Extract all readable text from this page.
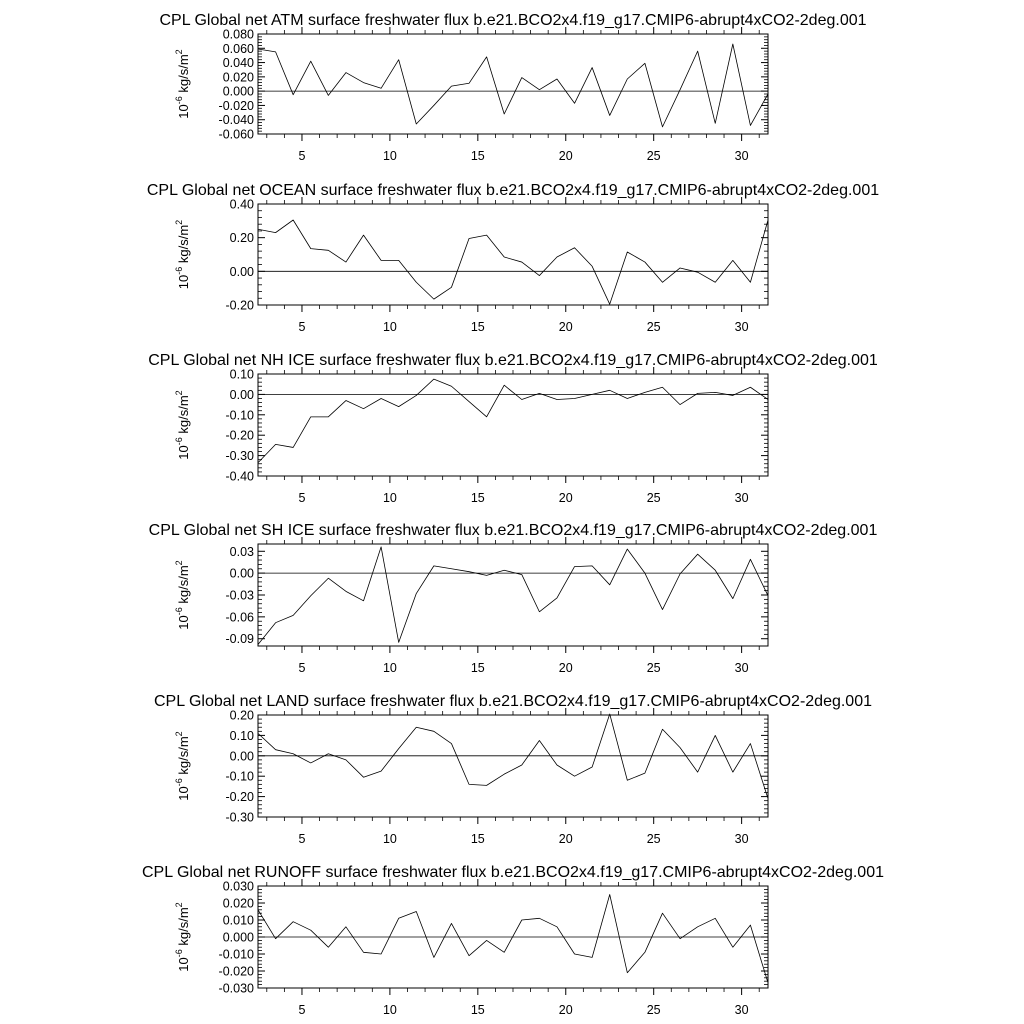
CPL Global net ATM surface freshwater flux b.e21.BCO2x4.f19_g17.CMIP6-abrupt4xCO2-2deg.001
-0.060
-0.040
-0.020
0.000
0.020
0.040
0.060
0.080
5	10	15	20	25	30
$10^{-6}$ $kg/s/m^2$
CPL Global net OCEAN surface freshwater flux b.e21.BCO2x4.f19_g17.CMIP6-abrupt4xCO2-2deg.001
-0.20
0.00
0.20
0.40
5	10	15	20	25	30
$10^{-6}$ $kg/s/m^2$
CPL Global net NH ICE surface freshwater flux b.e21.BCO2x4.f19_g17.CMIP6-abrupt4xCO2-2deg.001
-0.40
-0.30
-0.20
-0.10
0.00
0.10
5	10	15	20	25	30
$10^{-6}$ $kg/s/m^2$
CPL Global net SH ICE surface freshwater flux b.e21.BCO2x4.f19_g17.CMIP6-abrupt4xCO2-2deg.001
-0.09
-0.06
-0.03
0.00
0.03
5	10	15	20	25	30
$10^{-6}$ $kg/s/m^2$
CPL Global net LAND surface freshwater flux b.e21.BCO2x4.f19_g17.CMIP6-abrupt4xCO2-2deg.001
-0.30
-0.20
-0.10
0.00
0.10
0.20
5	10	15	20	25	30
$10^{-6}$ $kg/s/m^2$
CPL Global net RUNOFF surface freshwater flux b.e21.BCO2x4.f19_g17.CMIP6-abrupt4xCO2-2deg.001
-0.030
-0.020
-0.010
0.000
0.010
0.020
0.030
5	10	15	20	25	30
$10^{-6}$ $kg/s/m^2$
